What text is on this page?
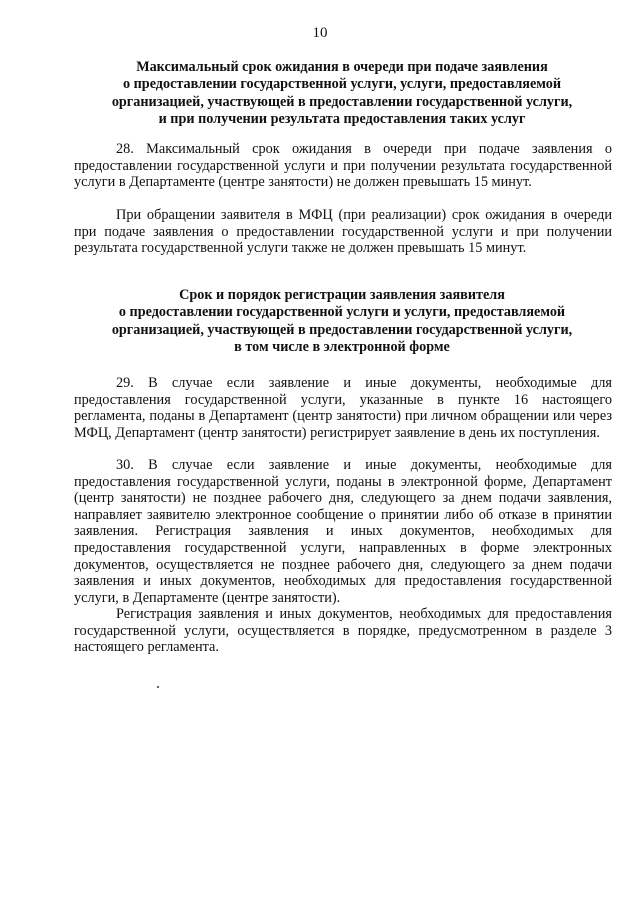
10
Максимальный срок ожидания в очереди при подаче заявления
о предоставлении государственной услуги, услуги, предоставляемой
организацией, участвующей в предоставлении государственной услуги,
и при получении результата предоставления таких услуг

28. Максимальный срок ожидания в очереди при подаче заявления о предоставлении государственной услуги и при получении результата государственной услуги в Департаменте (центре занятости) не должен превышать 15 минут.

При обращении заявителя в МФЦ (при реализации) срок ожидания в очереди при подаче заявления о предоставлении государственной услуги и при получении результата государственной услуги также не должен превышать 15 минут.

Срок и порядок регистрации заявления заявителя
о предоставлении государственной услуги и услуги, предоставляемой
организацией, участвующей в предоставлении государственной услуги,
в том числе в электронной форме

29. В случае если заявление и иные документы, необходимые для предоставления государственной услуги, указанные в пункте 16 настоящего регламента, поданы в Департамент (центр занятости) при личном обращении или через МФЦ, Департамент (центр занятости) регистрирует заявление в день их поступления.

30. В случае если заявление и иные документы, необходимые для предоставления государственной услуги, поданы в электронной форме, Департамент (центр занятости) не позднее рабочего дня, следующего за днем подачи заявления, направляет заявителю электронное сообщение о принятии либо об отказе в принятии заявления. Регистрация заявления и иных документов, необходимых для предоставления государственной услуги, направленных в форме электронных документов, осуществляется не позднее рабочего дня, следующего за днем подачи заявления и иных документов, необходимых для предоставления государственной услуги, в Департаменте (центре занятости).

Регистрация заявления и иных документов, необходимых для предоставления государственной услуги, осуществляется в порядке, предусмотренном в разделе 3 настоящего регламента.
